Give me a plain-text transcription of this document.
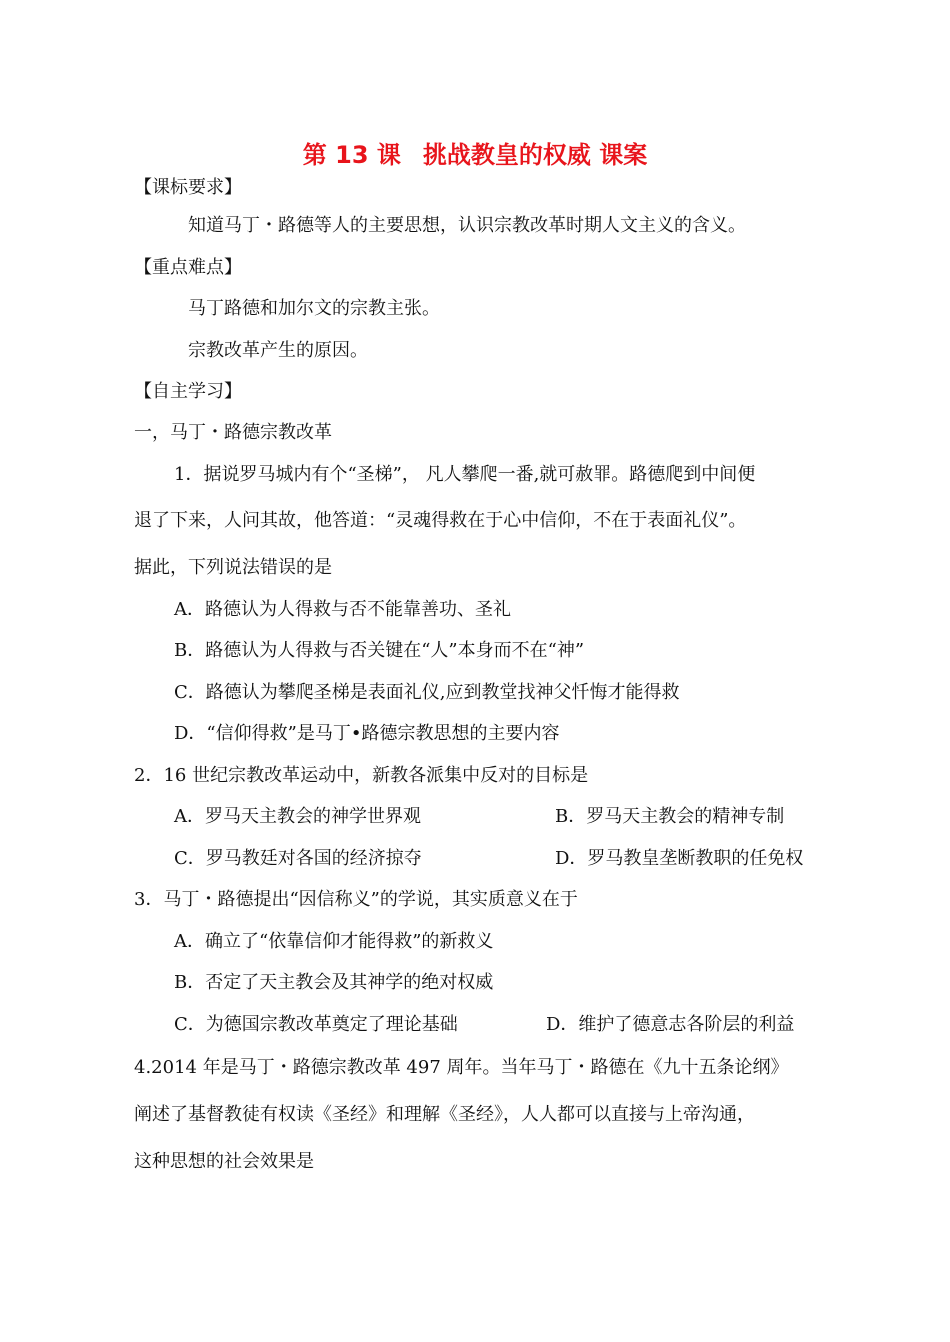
第 13 课 挑战教皇的权威 课案
【课标要求】
知道马丁・路德等人的主要思想，认识宗教改革时期人文主义的含义。
【重点难点】
马丁路德和加尔文的宗教主张。
宗教改革产生的原因。
【自主学习】
一，马丁・路德宗教改革
1．据说罗马城内有个“圣梯”， 凡人攀爬一番,就可赦罪。路德爬到中间便
退了下来，人问其故，他答道：“灵魂得救在于心中信仰，不在于表面礼仪”。
据此，下列说法错误的是
A．路德认为人得救与否不能靠善功、圣礼
B．路德认为人得救与否关键在“人”本身而不在“神”
C．路德认为攀爬圣梯是表面礼仪,应到教堂找神父忏悔才能得救
D．“信仰得救”是马丁•路德宗教思想的主要内容
2．16 世纪宗教改革运动中，新教各派集中反对的目标是
A．罗马天主教会的神学世界观	B．罗马天主教会的精神专制
C．罗马教廷对各国的经济掠夺	D．罗马教皇垄断教职的任免权
3．马丁・路德提出“因信称义”的学说，其实质意义在于
A．确立了“依靠信仰才能得救”的新救义
B．否定了天主教会及其神学的绝对权威
C．为德国宗教改革奠定了理论基础	D．维护了德意志各阶层的利益
4.2014 年是马丁・路德宗教改革 497 周年。当年马丁・路德在《九十五条论纲》
阐述了基督教徒有权读《圣经》和理解《圣经》，人人都可以直接与上帝沟通，
这种思想的社会效果是
